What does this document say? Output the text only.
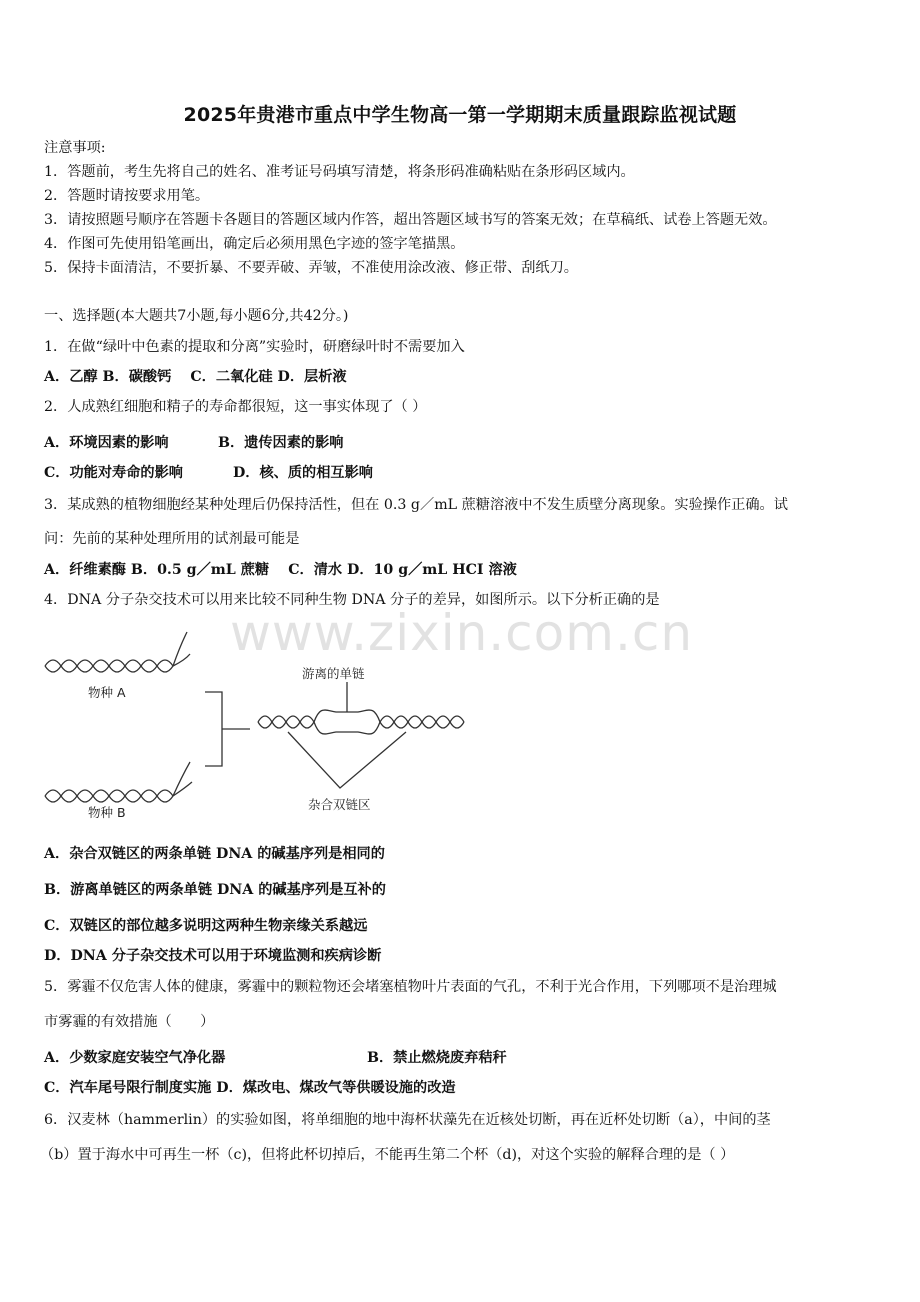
2025年贵港市重点中学生物高一第一学期期末质量跟踪监视试题
注意事项:
1．答题前，考生先将自己的姓名、准考证号码填写清楚，将条形码准确粘贴在条形码区域内。
2．答题时请按要求用笔。
3．请按照题号顺序在答题卡各题目的答题区域内作答，超出答题区域书写的答案无效；在草稿纸、试卷上答题无效。
4．作图可先使用铅笔画出，确定后必须用黑色字迹的签字笔描黑。
5．保持卡面清洁，不要折暴、不要弄破、弄皱，不准使用涂改液、修正带、刮纸刀。
一、选择题(本大题共7小题,每小题6分,共42分。)
1．在做“绿叶中色素的提取和分离”实验时，研磨绿叶时不需要加入
A．乙醇 B．碳酸钙　 C．二氧化硅 D．层析液
2．人成熟红细胞和精子的寿命都很短，这一事实体现了（ ）
A．环境因素的影响	B．遗传因素的影响
C．功能对寿命的影响	D．核、质的相互影响
3．某成熟的植物细胞经某种处理后仍保持活性，但在 0.3 g／mL 蔗糖溶液中不发生质壁分离现象。实验操作正确。试
问：先前的某种处理所用的试剂最可能是
A．纤维素酶 B．0.5 g／mL 蔗糖　 C．清水 D．10 g／mL HCI 溶液
4．DNA 分子杂交技术可以用来比较不同种生物 DNA 分子的差异，如图所示。以下分析正确的是
www.zixin.com.cn
物种 A
物种 B
游离的单链
杂合双链区
A．杂合双链区的两条单链 DNA 的碱基序列是相同的
B．游离单链区的两条单链 DNA 的碱基序列是互补的
C．双链区的部位越多说明这两种生物亲缘关系越远
D．DNA 分子杂交技术可以用于环境监测和疾病诊断
5．雾霾不仅危害人体的健康，雾霾中的颗粒物还会堵塞植物叶片表面的气孔，不利于光合作用，下列哪项不是治理城
市雾霾的有效措施（　　）
A．少数家庭安装空气净化器	B．禁止燃烧废弃秸秆
C．汽车尾号限行制度实施 D．煤改电、煤改气等供暖设施的改造
6．汉麦林（hammerlin）的实验如图，将单细胞的地中海杯状藻先在近核处切断，再在近杯处切断（a），中间的茎
（b）置于海水中可再生一杯（c)，但将此杯切掉后，不能再生第二个杯（d)，对这个实验的解释合理的是（ ）
